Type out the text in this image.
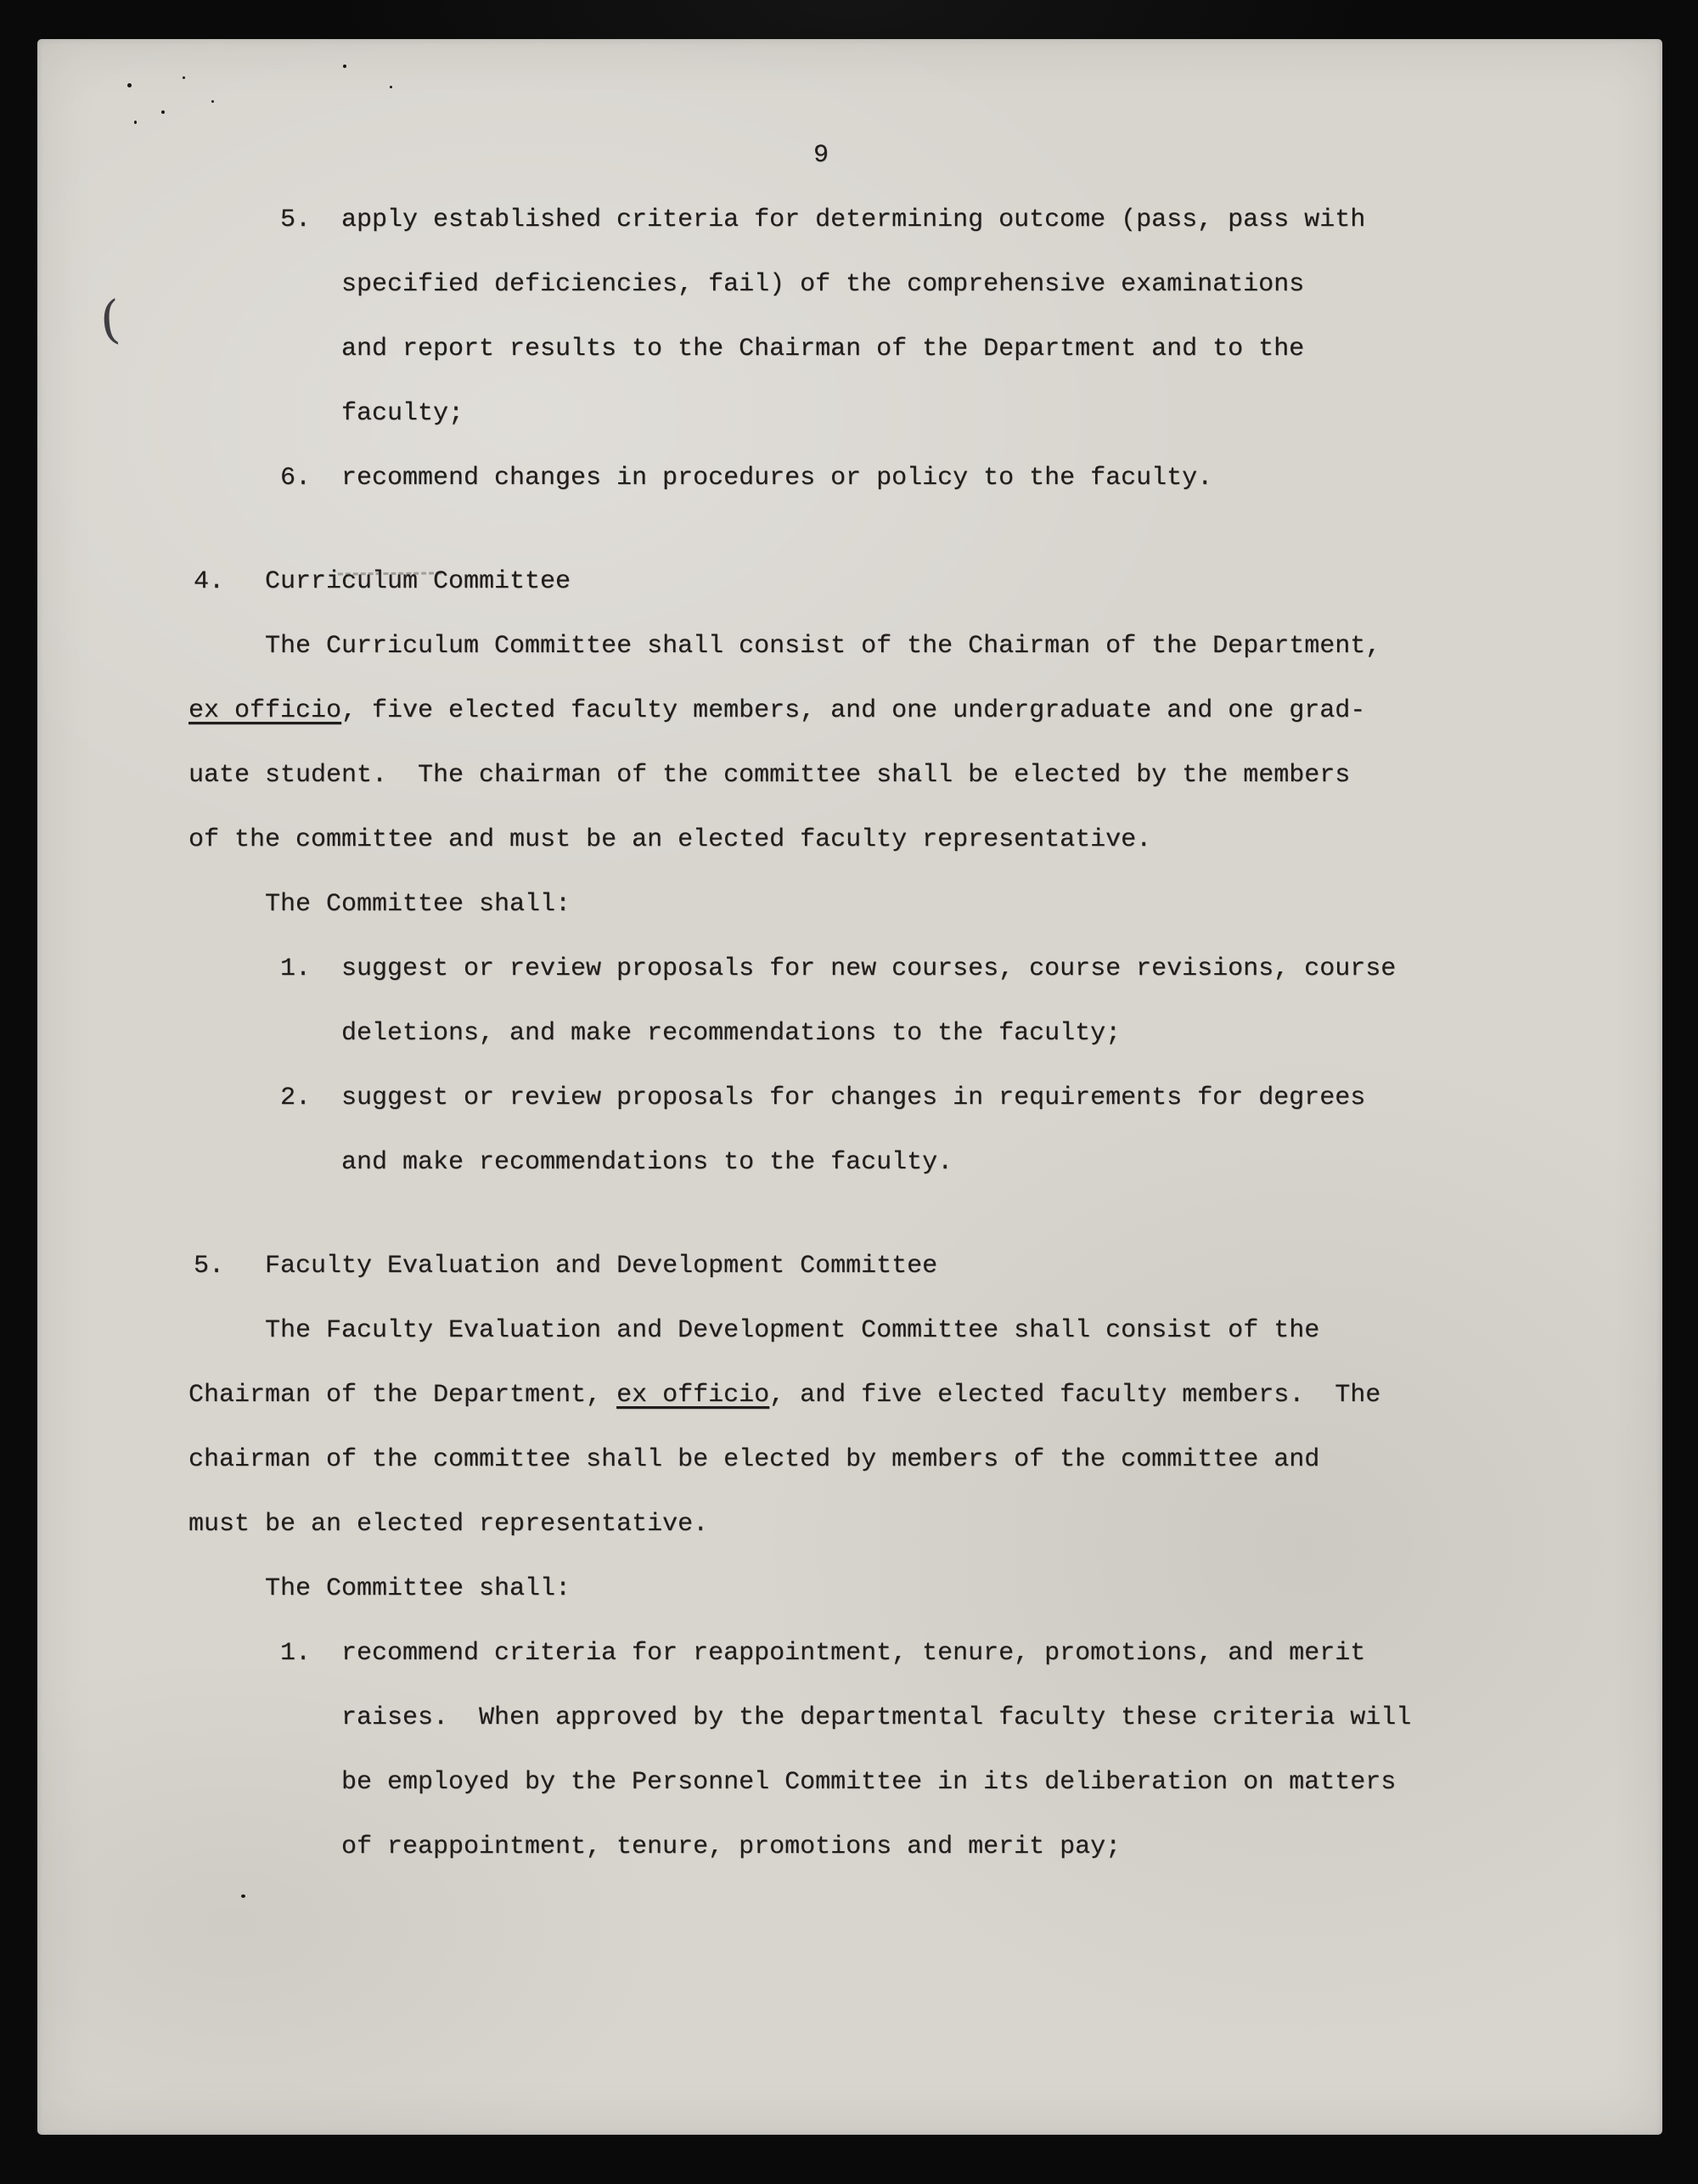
(
9
5. apply established criteria for determining outcome (pass, pass with
specified deficiencies, fail) of the comprehensive examinations
and report results to the Chairman of the Department and to the
faculty;
6. recommend changes in procedures or policy to the faculty.
4. Curriculum Committee
The Curriculum Committee shall consist of the Chairman of the Department,
ex officio, five elected faculty members, and one undergraduate and one grad-
uate student.  The chairman of the committee shall be elected by the members
of the committee and must be an elected faculty representative.
The Committee shall:
1. suggest or review proposals for new courses, course revisions, course
deletions, and make recommendations to the faculty;
2. suggest or review proposals for changes in requirements for degrees
and make recommendations to the faculty.
5. Faculty Evaluation and Development Committee
The Faculty Evaluation and Development Committee shall consist of the
Chairman of the Department, ex officio, and five elected faculty members.  The
chairman of the committee shall be elected by members of the committee and
must be an elected representative.
The Committee shall:
1. recommend criteria for reappointment, tenure, promotions, and merit
raises.  When approved by the departmental faculty these criteria will
be employed by the Personnel Committee in its deliberation on matters
of reappointment, tenure, promotions and merit pay;
